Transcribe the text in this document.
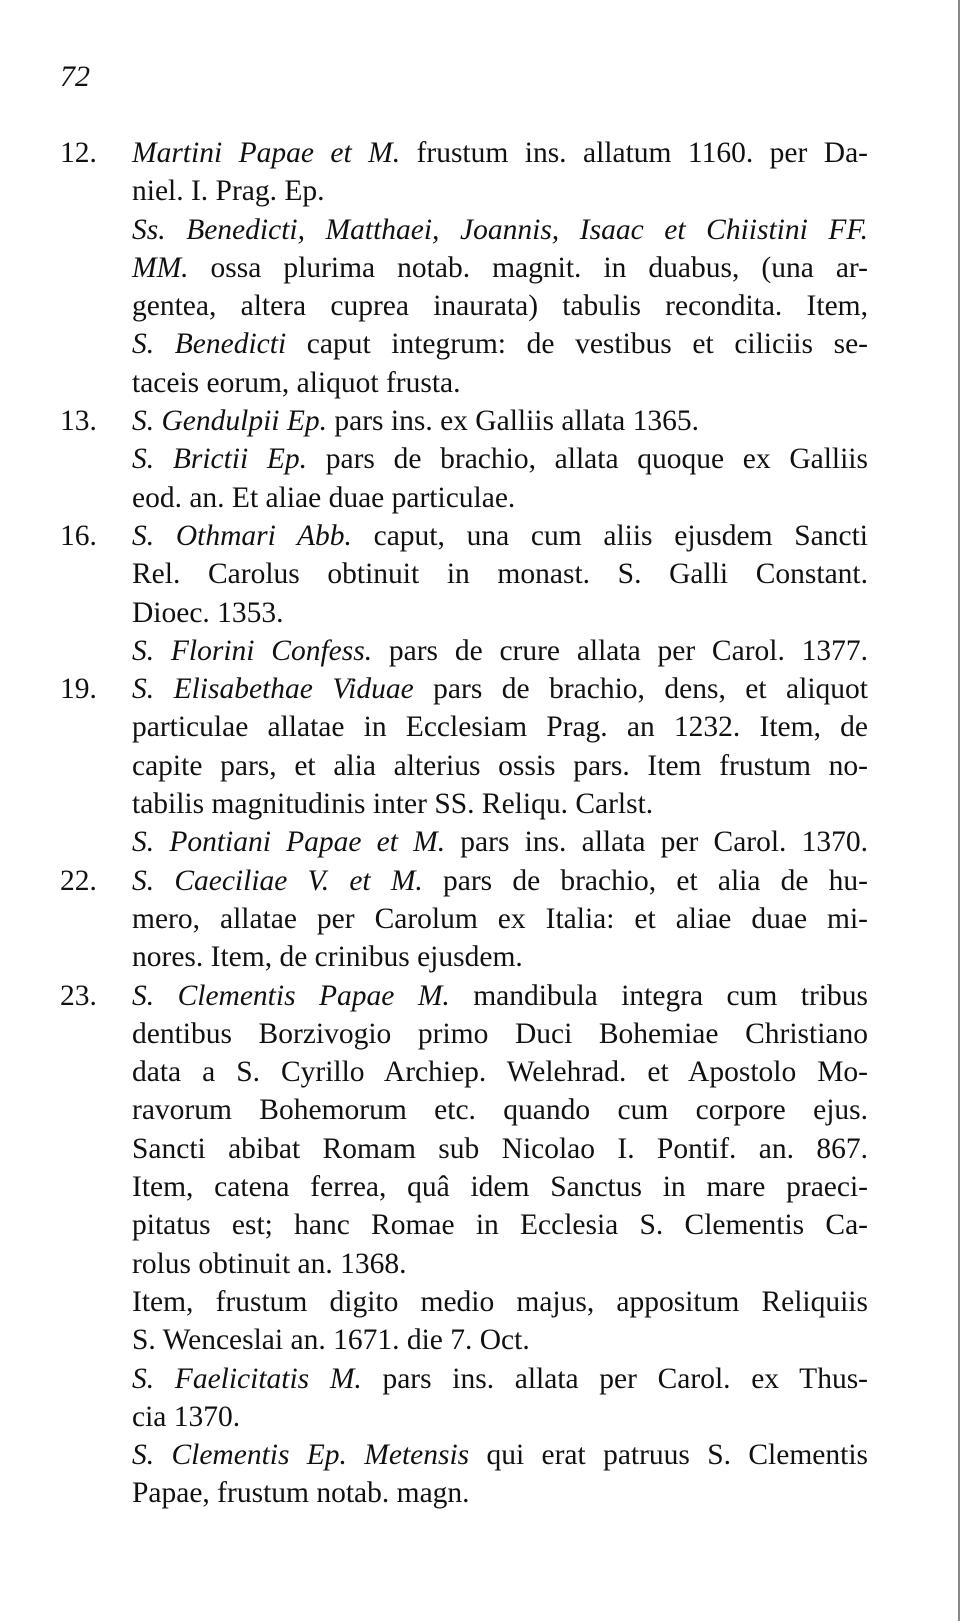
72
12.	Martini Papae et M. frustum ins. allatum 1160. per Da-
niel. I. Prag. Ep.
Ss. Benedicti, Matthaei, Joannis, Isaac et Chiistini FF.
MM. ossa plurima notab. magnit. in duabus, (una ar-
gentea, altera cuprea inaurata) tabulis recondita. Item,
S. Benedicti caput integrum: de vestibus et ciliciis se-
taceis eorum, aliquot frusta.
13.	S. Gendulpii Ep. pars ins. ex Galliis allata 1365.
S. Brictii Ep. pars de brachio, allata quoque ex Galliis
eod. an. Et aliae duae particulae.
16.	S. Othmari Abb. caput, una cum aliis ejusdem Sancti
Rel. Carolus obtinuit in monast. S. Galli Constant.
Dioec. 1353.
S. Florini Confess. pars de crure allata per Carol. 1377.
19.	S. Elisabethae Viduae pars de brachio, dens, et aliquot
particulae allatae in Ecclesiam Prag. an 1232. Item, de
capite pars, et alia alterius ossis pars. Item frustum no-
tabilis magnitudinis inter SS. Reliqu. Carlst.
S. Pontiani Papae et M. pars ins. allata per Carol. 1370.
22.	S. Caeciliae V. et M. pars de brachio, et alia de hu-
mero, allatae per Carolum ex Italia: et aliae duae mi-
nores. Item, de crinibus ejusdem.
23.	S. Clementis Papae M. mandibula integra cum tribus
dentibus Borzivogio primo Duci Bohemiae Christiano
data a S. Cyrillo Archiep. Welehrad. et Apostolo Mo-
ravorum Bohemorum etc. quando cum corpore ejus.
Sancti abibat Romam sub Nicolao I. Pontif. an. 867.
Item, catena ferrea, quâ idem Sanctus in mare praeci-
pitatus est; hanc Romae in Ecclesia S. Clementis Ca-
rolus obtinuit an. 1368.
Item, frustum digito medio majus, appositum Reliquiis
S. Wenceslai an. 1671. die 7. Oct.
S. Faelicitatis M. pars ins. allata per Carol. ex Thus-
cia 1370.
S. Clementis Ep. Metensis qui erat patruus S. Clementis
Papae, frustum notab. magn.
